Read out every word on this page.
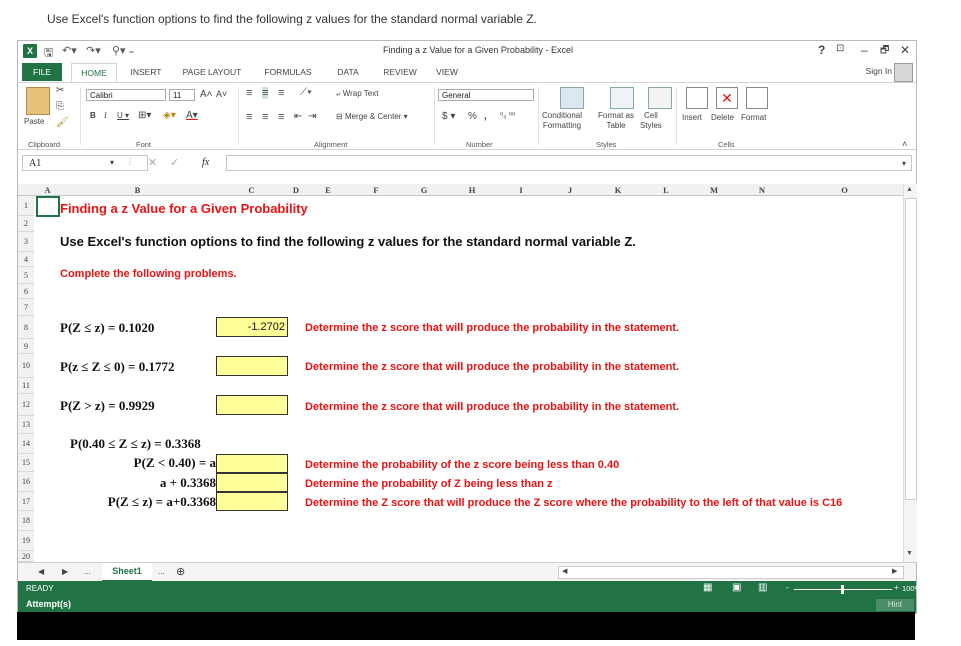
Use Excel's function options to find the following z values for the standard normal variable Z.
X	🖫 ↶▾ ↷▾ ⚲▾ ₌	Finding a z Value for a Given Probability - Excel	? ⊡ – 🗗 ✕
FILE	HOME	INSERT	PAGE LAYOUT	FORMULAS	DATA	REVIEW	VIEW	Sign In
Paste
✂
⎘
🖌
Clipboard
Calibri	11	A˄ A˅
B I U ▾ ⊞▾ ◈▾ A▾
Font
≡ ≡ ≡ ⟋▾
≡ ≡ ≡ ⇤ ⇥
⤶ Wrap Text
⊟ Merge & Center ▾
Alignment
General
$ ▾ % , ⁰₀ ⁰⁰
Number
Conditional
Formatting
Format as
Table
Cell
Styles
Styles
Insert
✕
Delete Format
Cells	˄
A1	▾ ⋮ ✕ ✓ fx	▾
A	B	C	D	E	F	G	H	I	J	K	L	M	N	O
1
2
3
4
5
6
7
8
9
10
11
12
13
14
15
16
17
18
19
20
Finding a z Value for a Given Probability
Use Excel's function options to find the following z values for the standard normal variable Z.
Complete the following problems.
P(Z ≤ z) = 0.1020	-1.2702 Determine the z score that will produce the probability in the statement.
P(z ≤ Z ≤ 0) = 0.1772	Determine the z score that will produce the probability in the statement.
P(Z > z) = 0.9929	Determine the z score that will produce the probability in the statement.
P(0.40 ≤ Z ≤ z) = 0.3368
P(Z < 0.40) = a	Determine the probability of the z score being less than 0.40
a + 0.3368	Determine the probability of Z being less than z
P(Z ≤ z) = a+0.3368	Determine the Z score that will produce the Z score where the probability to the left of that value is C16
▲
▼
◀ ▶ ...	Sheet1	... ⊕	◀	▶
READY	▦ ▣ ▥ -	+ 100%
Attempt(s)	Hint
